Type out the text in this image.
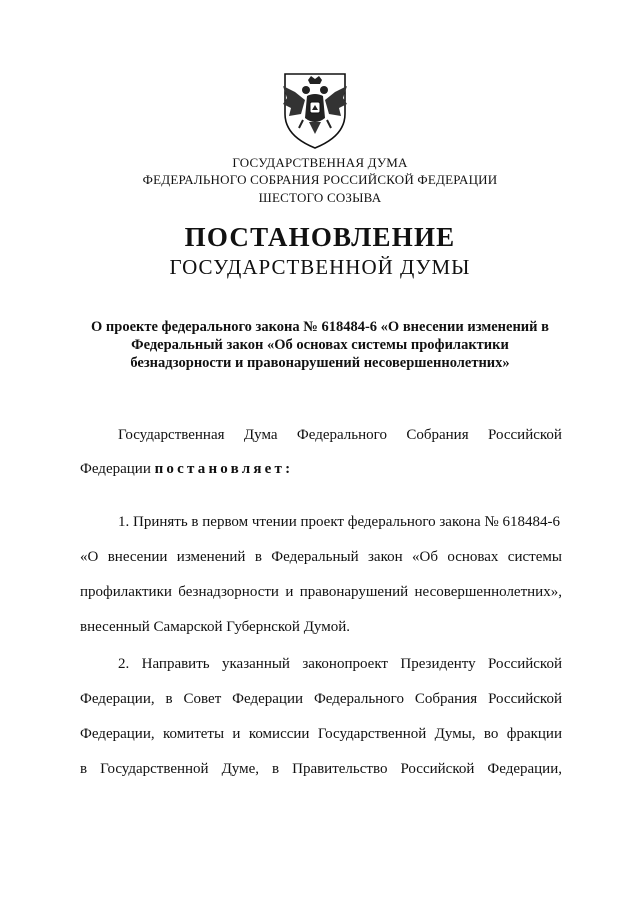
ГОСУДАРСТВЕННАЯ ДУМА
ФЕДЕРАЛЬНОГО СОБРАНИЯ РОССИЙСКОЙ ФЕДЕРАЦИИ
ШЕСТОГО СОЗЫВА
ПОСТАНОВЛЕНИЕ
ГОСУДАРСТВЕННОЙ ДУМЫ
О проекте федерального закона № 618484-6 «О внесении изменений в
Федеральный закон «Об основах системы профилактики
безнадзорности и правонарушений несовершеннолетних»
Государственная Дума Федерального Собрания Российской
Федерации постановляет:
1. Принять в первом чтении проект федерального закона № 618484-6
«О внесении изменений в Федеральный закон «Об основах системы
профилактики безнадзорности и правонарушений несовершеннолетних»,
внесенный Самарской Губернской Думой.
2. Направить указанный законопроект Президенту Российской
Федерации, в Совет Федерации Федерального Собрания Российской
Федерации, комитеты и комиссии Государственной Думы, во фракции
в Государственной Думе, в Правительство Российской Федерации,
